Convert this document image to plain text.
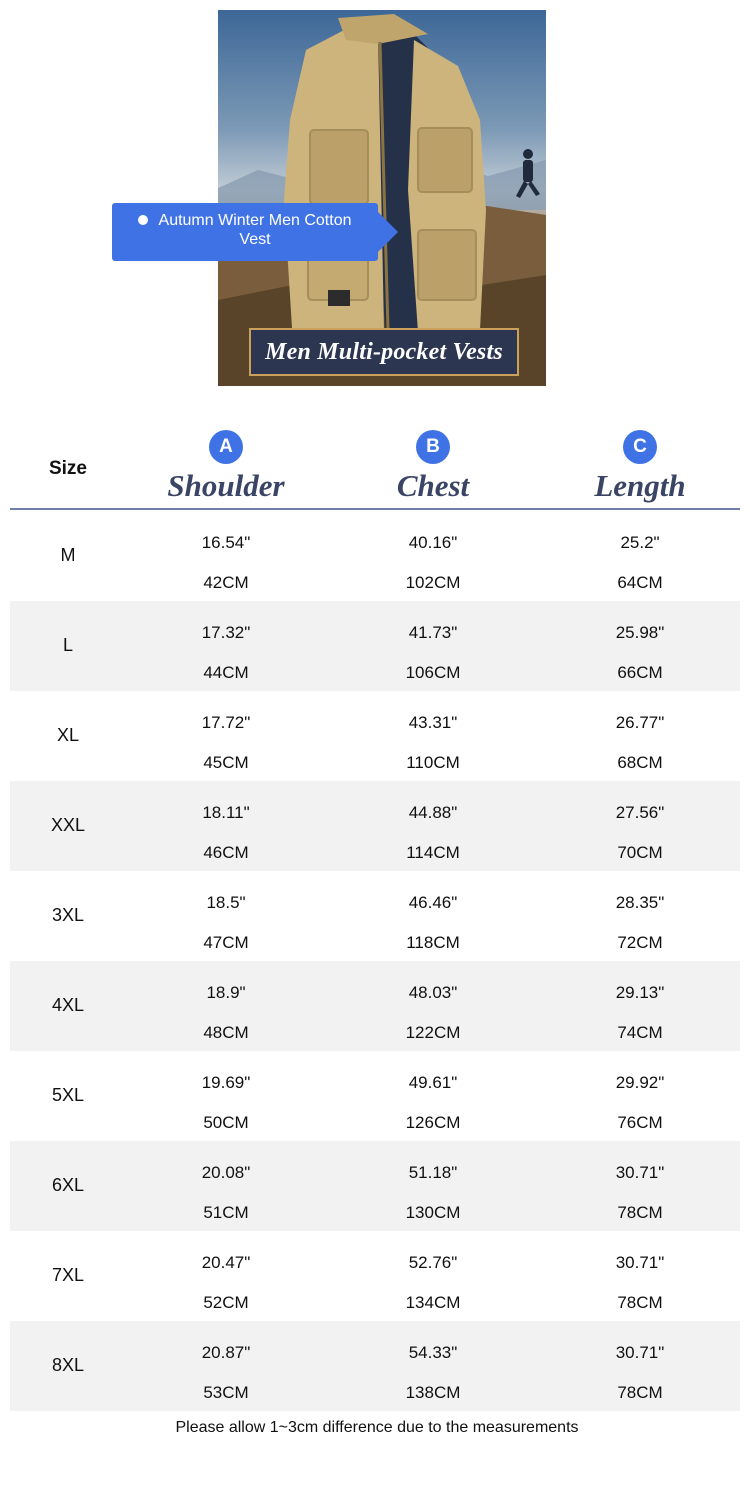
Men Multi-pocket Vests
Autumn Winter Men Cotton Vest
Size
A
Shoulder
B
Chest
C
Length
M
16.54"
42CM
40.16"
102CM
25.2"
64CM
L
17.32"
44CM
41.73"
106CM
25.98"
66CM
XL
17.72"
45CM
43.31"
110CM
26.77"
68CM
XXL
18.11"
46CM
44.88"
114CM
27.56"
70CM
3XL
18.5"
47CM
46.46"
118CM
28.35"
72CM
4XL
18.9"
48CM
48.03"
122CM
29.13"
74CM
5XL
19.69"
50CM
49.61"
126CM
29.92"
76CM
6XL
20.08"
51CM
51.18"
130CM
30.71"
78CM
7XL
20.47"
52CM
52.76"
134CM
30.71"
78CM
8XL
20.87"
53CM
54.33"
138CM
30.71"
78CM
Please allow 1~3cm difference due to the measurements
